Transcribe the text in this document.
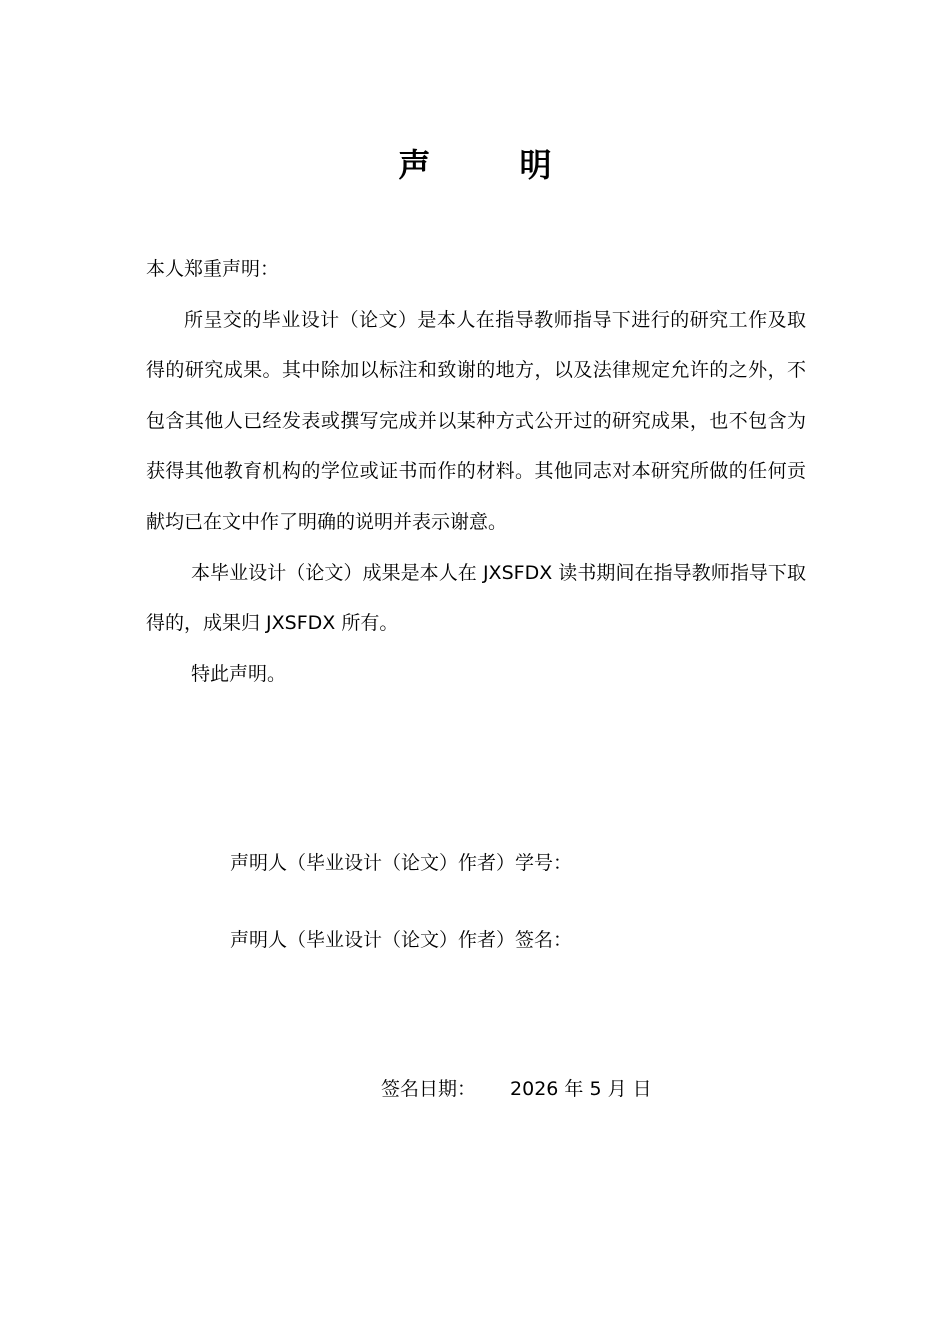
声        明

本人郑重声明：

所呈交的毕业设计（论文）是本人在指导教师指导下进行的研究工作及取得的研究成果。其中除加以标注和致谢的地方，以及法律规定允许的之外，不包含其他人已经发表或撰写完成并以某种方式公开过的研究成果，也不包含为获得其他教育机构的学位或证书而作的材料。其他同志对本研究所做的任何贡献均已在文中作了明确的说明并表示谢意。

本毕业设计（论文）成果是本人在 JXSFDX 读书期间在指导教师指导下取得的，成果归 JXSFDX 所有。

特此声明。

声明人（毕业设计（论文）作者）学号：
声明人（毕业设计（论文）作者）签名：
签名日期： 2026 年 5 月 日
